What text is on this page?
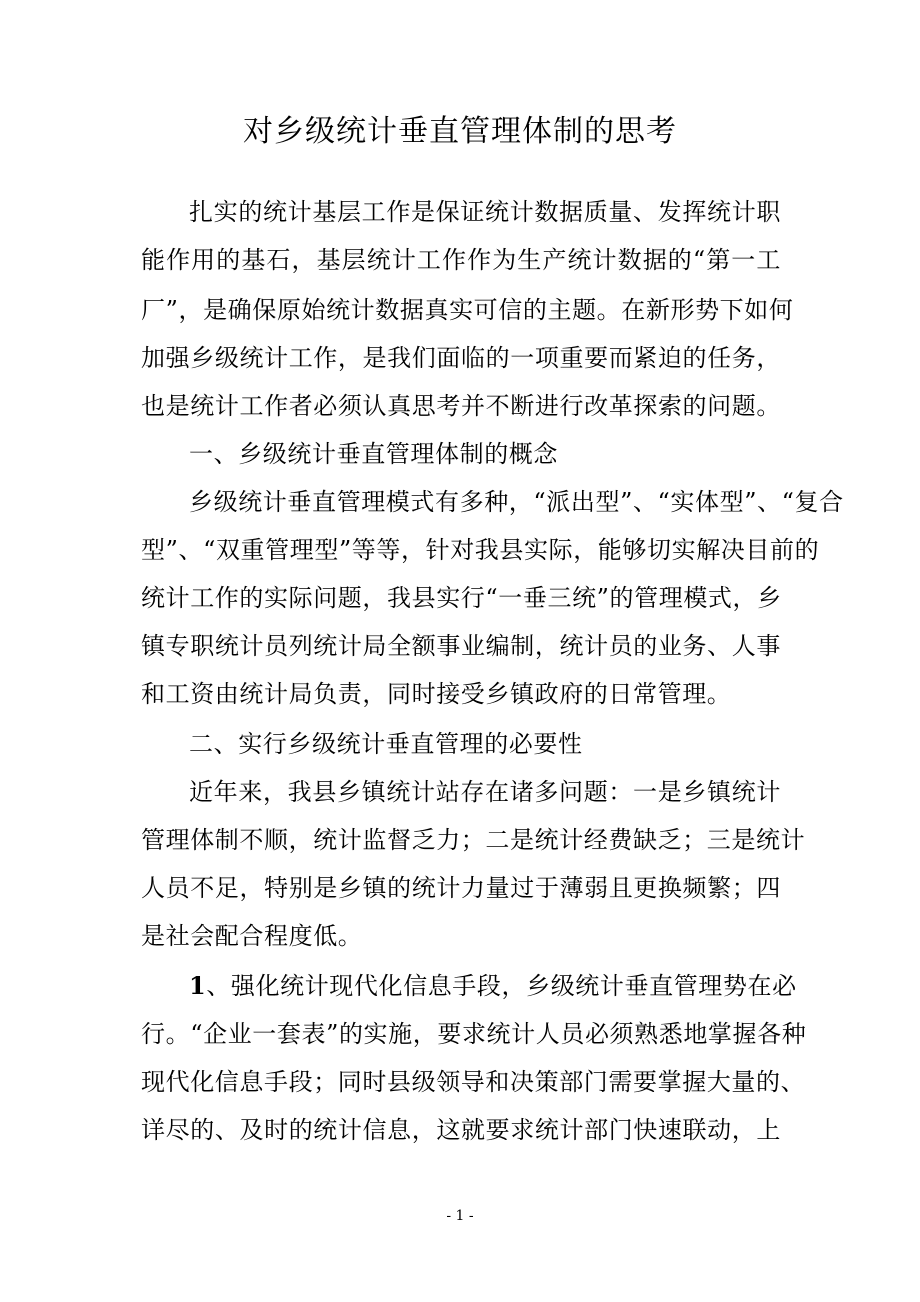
对乡级统计垂直管理体制的思考
扎实的统计基层工作是保证统计数据质量、发挥统计职
能作用的基石，基层统计工作作为生产统计数据的“第一工
厂”，是确保原始统计数据真实可信的主题。在新形势下如何
加强乡级统计工作，是我们面临的一项重要而紧迫的任务，
也是统计工作者必须认真思考并不断进行改革探索的问题。
一、乡级统计垂直管理体制的概念
乡级统计垂直管理模式有多种，“派出型”、“实体型”、“复合
型”、“双重管理型”等等，针对我县实际，能够切实解决目前的
统计工作的实际问题，我县实行“一垂三统”的管理模式，乡
镇专职统计员列统计局全额事业编制，统计员的业务、人事
和工资由统计局负责，同时接受乡镇政府的日常管理。
二、实行乡级统计垂直管理的必要性
近年来，我县乡镇统计站存在诸多问题：一是乡镇统计
管理体制不顺，统计监督乏力；二是统计经费缺乏；三是统计
人员不足，特别是乡镇的统计力量过于薄弱且更换频繁；四
是社会配合程度低。
1、强化统计现代化信息手段，乡级统计垂直管理势在必
行。“企业一套表”的实施，要求统计人员必须熟悉地掌握各种
现代化信息手段；同时县级领导和决策部门需要掌握大量的、
详尽的、及时的统计信息，这就要求统计部门快速联动，上
- 1 -
